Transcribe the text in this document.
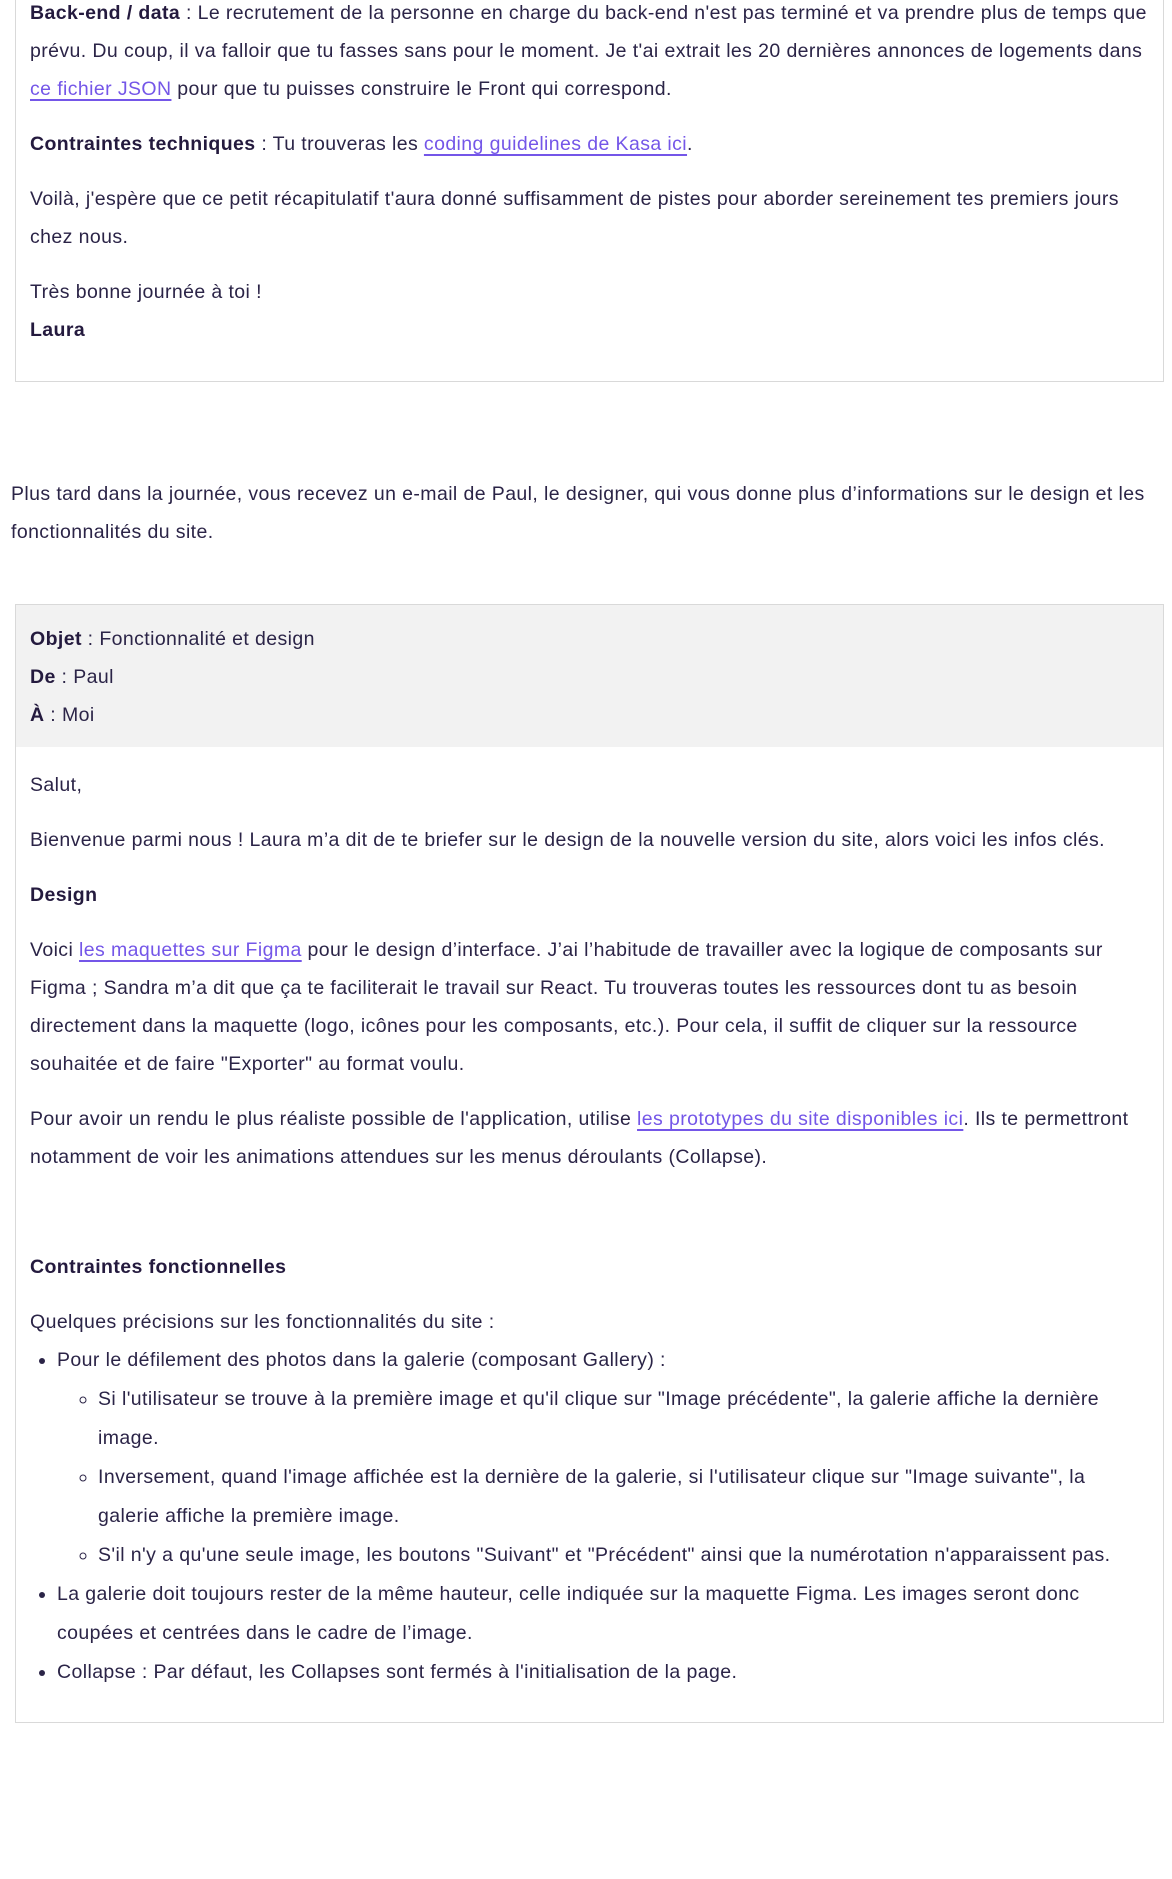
Back-end / data : Le recrutement de la personne en charge du back-end n'est pas terminé et va prendre plus de temps que prévu. Du coup, il va falloir que tu fasses sans pour le moment. Je t'ai extrait les 20 dernières annonces de logements dans ce fichier JSON pour que tu puisses construire le Front qui correspond.

Contraintes techniques : Tu trouveras les coding guidelines de Kasa ici.

Voilà, j'espère que ce petit récapitulatif t'aura donné suffisamment de pistes pour aborder sereinement tes premiers jours chez nous.

Très bonne journée à toi !

Laura

Plus tard dans la journée, vous recevez un e-mail de Paul, le designer, qui vous donne plus d’informations sur le design et les fonctionnalités du site.

Objet : Fonctionnalité et design
De : Paul
À : Moi

Salut,

Bienvenue parmi nous ! Laura m’a dit de te briefer sur le design de la nouvelle version du site, alors voici les infos clés.

Design

Voici les maquettes sur Figma pour le design d’interface. J’ai l’habitude de travailler avec la logique de composants sur Figma ; Sandra m’a dit que ça te faciliterait le travail sur React. Tu trouveras toutes les ressources dont tu as besoin directement dans la maquette (logo, icônes pour les composants, etc.). Pour cela, il suffit de cliquer sur la ressource souhaitée et de faire "Exporter" au format voulu.

Pour avoir un rendu le plus réaliste possible de l'application, utilise les prototypes du site disponibles ici. Ils te permettront notamment de voir les animations attendues sur les menus déroulants (Collapse).

Contraintes fonctionnelles

Quelques précisions sur les fonctionnalités du site :

• Pour le défilement des photos dans la galerie (composant Gallery) :
◦ Si l'utilisateur se trouve à la première image et qu'il clique sur "Image précédente", la galerie affiche la dernière image.
◦ Inversement, quand l'image affichée est la dernière de la galerie, si l'utilisateur clique sur "Image suivante", la galerie affiche la première image.
◦ S'il n'y a qu'une seule image, les boutons "Suivant" et "Précédent" ainsi que la numérotation n'apparaissent pas.
• La galerie doit toujours rester de la même hauteur, celle indiquée sur la maquette Figma. Les images seront donc coupées et centrées dans le cadre de l’image.
• Collapse : Par défaut, les Collapses sont fermés à l'initialisation de la page.
